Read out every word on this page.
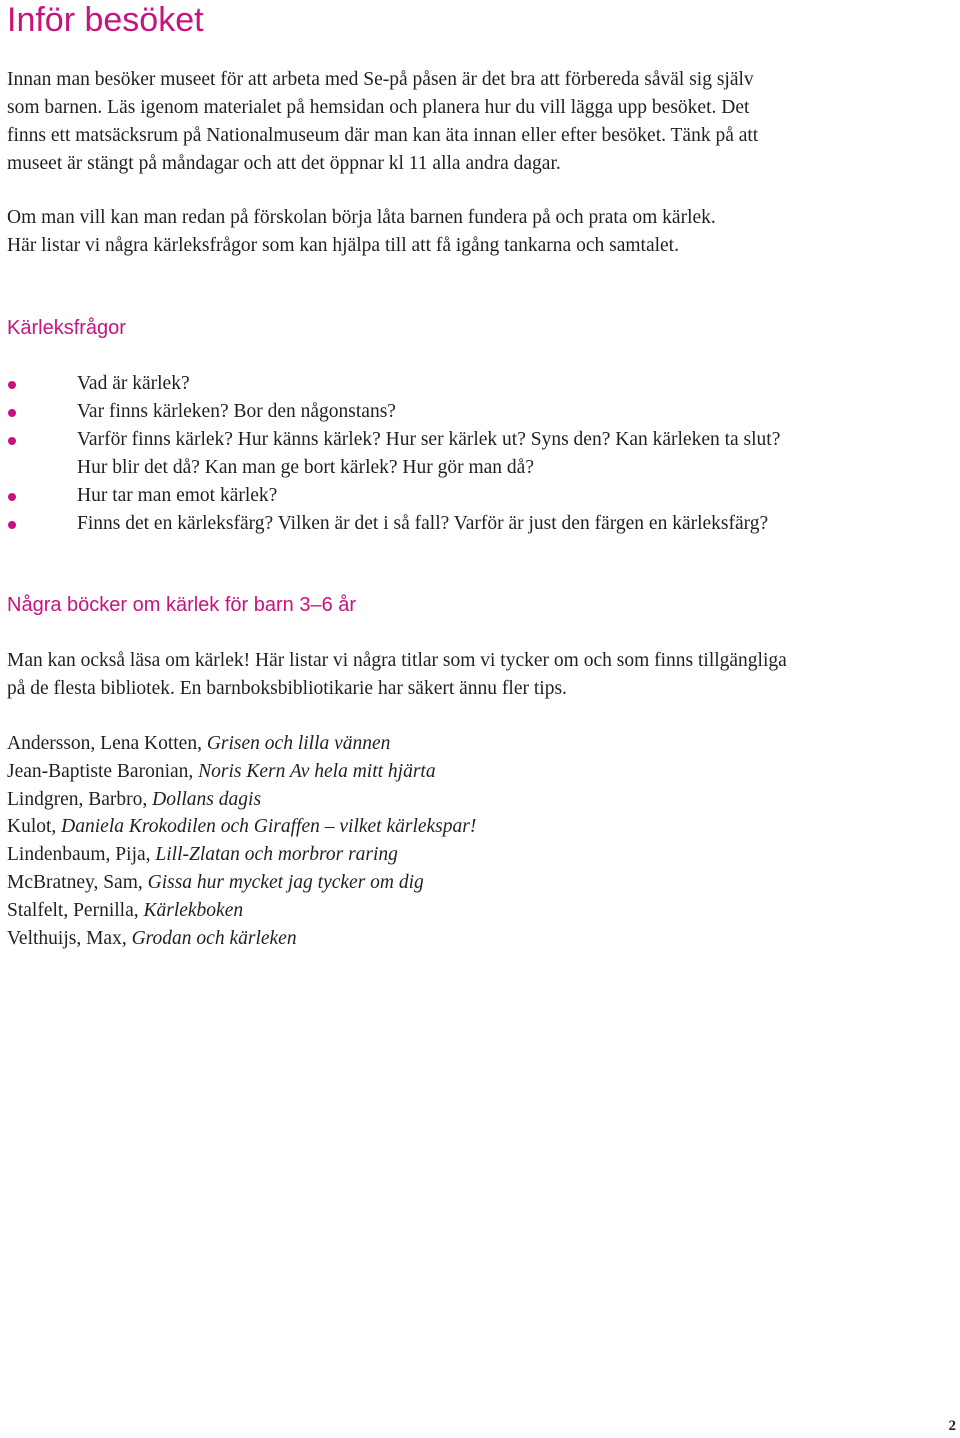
Inför besöket

Innan man besöker museet för att arbeta med Se-på påsen är det bra att förbereda såväl sig själv
som barnen. Läs igenom materialet på hemsidan och planera hur du vill lägga upp besöket. Det
finns ett matsäcksrum på Nationalmuseum där man kan äta innan eller efter besöket. Tänk på att
museet är stängt på måndagar och att det öppnar kl 11 alla andra dagar.

Om man vill kan man redan på förskolan börja låta barnen fundera på och prata om kärlek.
Här listar vi några kärleksfrågor som kan hjälpa till att få igång tankarna och samtalet.

Kärleksfrågor
Vad är kärlek?
Var finns kärleken? Bor den någonstans?
Varför finns kärlek? Hur känns kärlek? Hur ser kärlek ut? Syns den? Kan kärleken ta slut?
Hur blir det då? Kan man ge bort kärlek? Hur gör man då?
Hur tar man emot kärlek?
Finns det en kärleksfärg? Vilken är det i så fall? Varför är just den färgen en kärleksfärg?
Några böcker om kärlek för barn 3–6 år

Man kan också läsa om kärlek! Här listar vi några titlar som vi tycker om och som finns tillgängliga
på de flesta bibliotek. En barnboksbibliotikarie har säkert ännu fler tips.

Andersson, Lena Kotten, Grisen och lilla vännen
Jean-Baptiste Baronian, Noris Kern Av hela mitt hjärta
Lindgren, Barbro, Dollans dagis
Kulot, Daniela Krokodilen och Giraffen – vilket kärlekspar!
Lindenbaum, Pija, Lill-Zlatan och morbror raring
McBratney, Sam, Gissa hur mycket jag tycker om dig
Stalfelt, Pernilla, Kärlekboken
Velthuijs, Max, Grodan och kärleken
2
